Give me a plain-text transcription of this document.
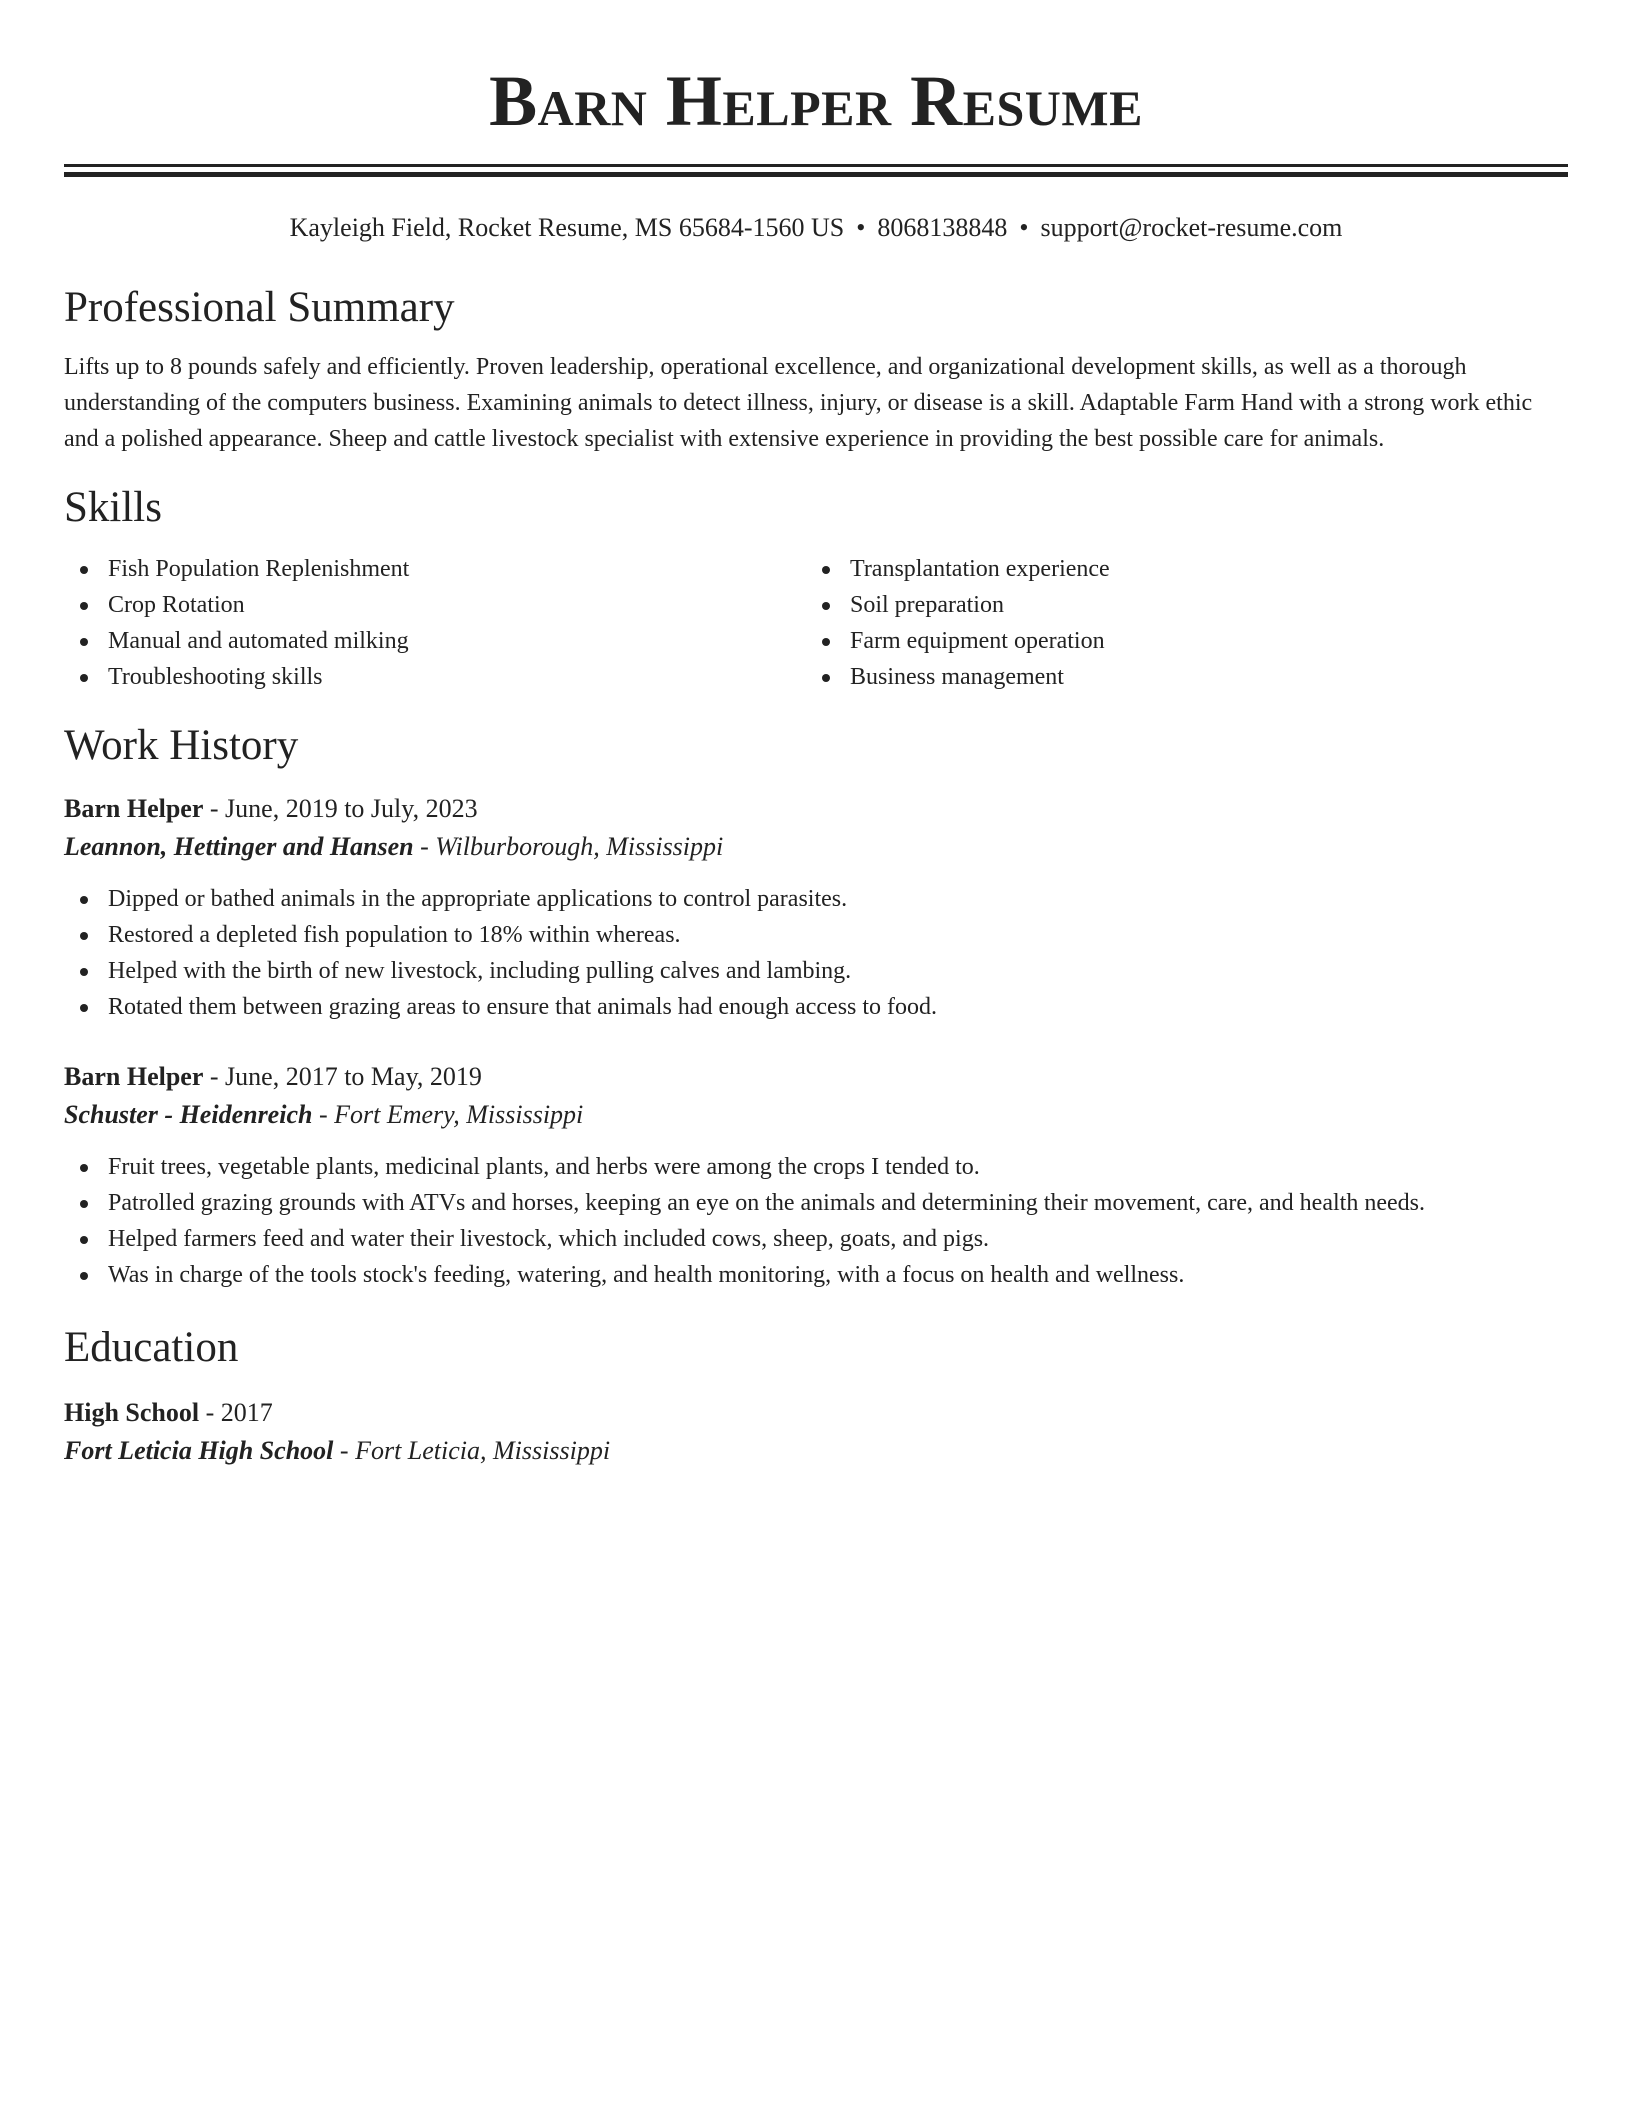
Barn Helper Resume
Kayleigh Field, Rocket Resume, MS 65684-1560 US • 8068138848 • support@rocket-resume.com
Professional Summary
Lifts up to 8 pounds safely and efficiently. Proven leadership, operational excellence, and organizational development skills, as well as a thorough understanding of the computers business. Examining animals to detect illness, injury, or disease is a skill. Adaptable Farm Hand with a strong work ethic and a polished appearance. Sheep and cattle livestock specialist with extensive experience in providing the best possible care for animals.
Skills
Fish Population Replenishment
Crop Rotation
Manual and automated milking
Troubleshooting skills
Transplantation experience
Soil preparation
Farm equipment operation
Business management
Work History
Barn Helper - June, 2019 to July, 2023
Leannon, Hettinger and Hansen - Wilburborough, Mississippi
Dipped or bathed animals in the appropriate applications to control parasites.
Restored a depleted fish population to 18% within whereas.
Helped with the birth of new livestock, including pulling calves and lambing.
Rotated them between grazing areas to ensure that animals had enough access to food.
Barn Helper - June, 2017 to May, 2019
Schuster - Heidenreich - Fort Emery, Mississippi
Fruit trees, vegetable plants, medicinal plants, and herbs were among the crops I tended to.
Patrolled grazing grounds with ATVs and horses, keeping an eye on the animals and determining their movement, care, and health needs.
Helped farmers feed and water their livestock, which included cows, sheep, goats, and pigs.
Was in charge of the tools stock's feeding, watering, and health monitoring, with a focus on health and wellness.
Education
High School - 2017
Fort Leticia High School - Fort Leticia, Mississippi
